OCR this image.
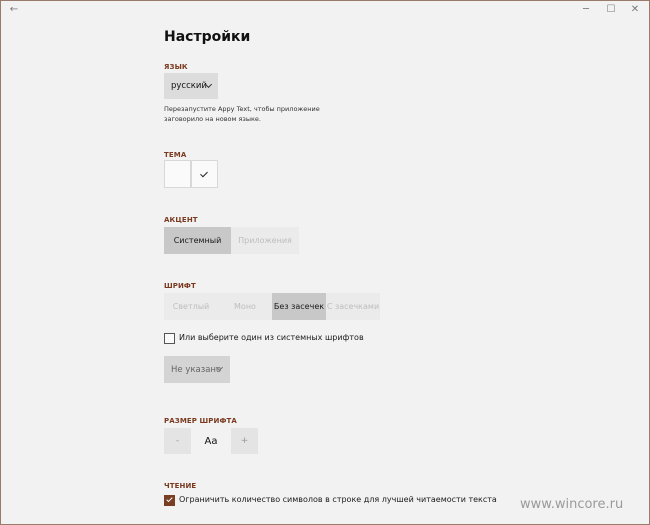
←	─	☐ ✕
Настройки
ЯЗЫК
русский
Перезапустите Appy Text, чтобы приложение заговорило на новом языке.
ТЕМА
АКЦЕНТ
Системный	Приложения
ШРИФТ
Светлый	Моно	Без засечек С засечками
Или выберите один из системных шрифтов
Не указано
РАЗМЕР ШРИФТА
-	Aa	+
ЧТЕНИЕ
Ограничить количество символов в строке для лучшей читаемости текста www.wincore.ru
